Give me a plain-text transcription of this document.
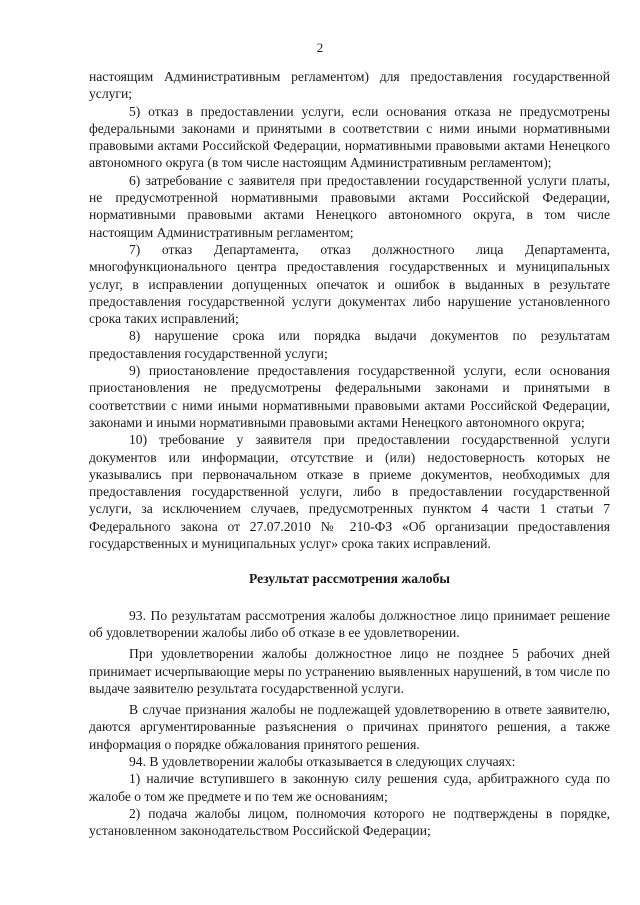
2

настоящим Административным регламентом) для предоставления государственной услуги;

5) отказ в предоставлении услуги, если основания отказа не предусмотрены федеральными законами и принятыми в соответствии с ними иными нормативными правовыми актами Российской Федерации, нормативными правовыми актами Ненецкого автономного округа (в том числе настоящим Административным регламентом);

6) затребование с заявителя при предоставлении государственной услуги платы, не предусмотренной нормативными правовыми актами Российской Федерации, нормативными правовыми актами Ненецкого автономного округа, в том числе настоящим Административным регламентом;

7) отказ Департамента, отказ должностного лица Департамента, многофункционального центра предоставления государственных и муниципальных услуг, в исправлении допущенных опечаток и ошибок в выданных в результате предоставления государственной услуги документах либо нарушение установленного срока таких исправлений;

8) нарушение срока или порядка выдачи документов по результатам предоставления государственной услуги;

9) приостановление предоставления государственной услуги, если основания приостановления не предусмотрены федеральными законами и принятыми в соответствии с ними иными нормативными правовыми актами Российской Федерации, законами и иными нормативными правовыми актами Ненецкого автономного округа;

10) требование у заявителя при предоставлении государственной услуги документов или информации, отсутствие и (или) недостоверность которых не указывались при первоначальном отказе в приеме документов, необходимых для предоставления государственной услуги, либо в предоставлении государственной услуги, за исключением случаев, предусмотренных пунктом 4 части 1 статьи 7 Федерального закона от 27.07.2010 № 210-ФЗ «Об организации предоставления государственных и муниципальных услуг» срока таких исправлений.

Результат рассмотрения жалобы

93. По результатам рассмотрения жалобы должностное лицо принимает решение об удовлетворении жалобы либо об отказе в ее удовлетворении.

При удовлетворении жалобы должностное лицо не позднее 5 рабочих дней принимает исчерпывающие меры по устранению выявленных нарушений, в том числе по выдаче заявителю результата государственной услуги.

В случае признания жалобы не подлежащей удовлетворению в ответе заявителю, даются аргументированные разъяснения о причинах принятого решения, а также информация о порядке обжалования принятого решения.

94. В удовлетворении жалобы отказывается в следующих случаях:

1) наличие вступившего в законную силу решения суда, арбитражного суда по жалобе о том же предмете и по тем же основаниям;

2) подача жалобы лицом, полномочия которого не подтверждены в порядке, установленном законодательством Российской Федерации;
